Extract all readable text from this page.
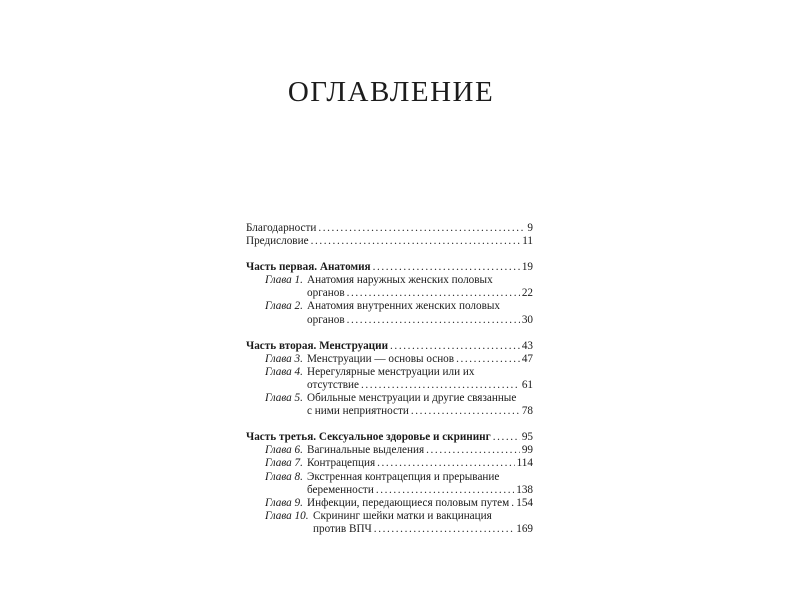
ОГЛАВЛЕНИЕ
Благодарности .....	9
Предисловие .....	11
Часть первая. Анатомия .....	19
Глава 1. Анатомия наружных женских половых
органов .....	22
Глава 2. Анатомия внутренних женских половых
органов .....	30
Часть вторая. Менструации .....	43
Глава 3. Менструации — основы основ .....	47
Глава 4. Нерегулярные менструации или их
отсутствие .....	61
Глава 5. Обильные менструации и другие связанные
с ними неприятности .....	78
Часть третья. Сексуальное здоровье и скрининг .....	95
Глава 6. Вагинальные выделения .....	99
Глава 7. Контрацепция .....	114
Глава 8. Экстренная контрацепция и прерывание
беременности .....	138
Глава 9. Инфекции, передающиеся половым путем ..... 154
Глава 10. Скрининг шейки матки и вакцинация
против ВПЧ .....	169
